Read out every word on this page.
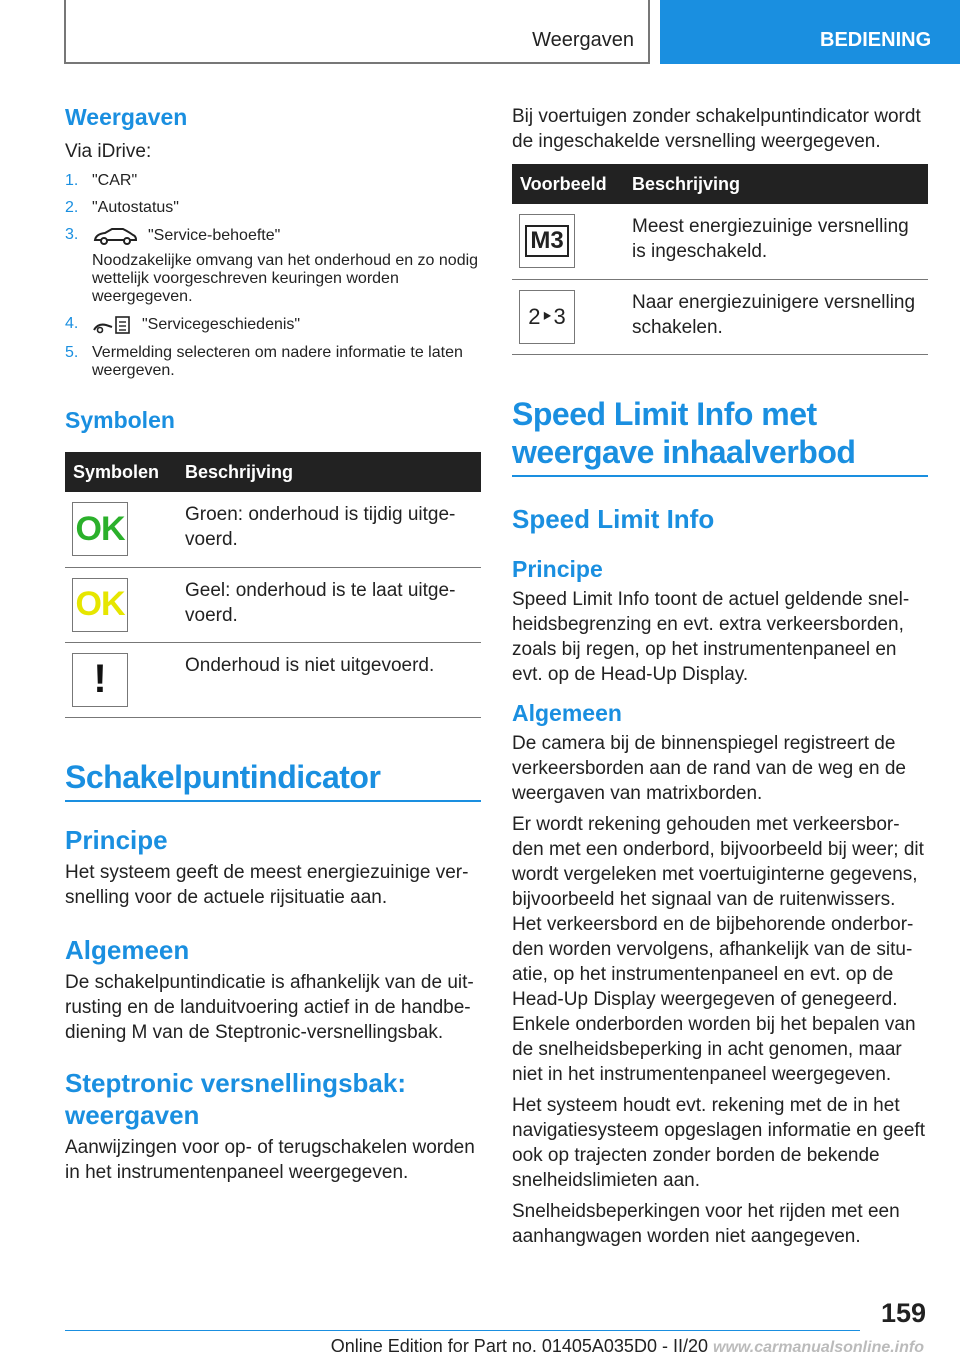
Weergaven	BEDIENING
Weergaven

Via iDrive:

1. "CAR"
2. "Autostatus"
3.	"Service-behoefte"
Noodzakelijke omvang van het onderhoud en zo nodig wettelijk voorgeschreven keuringen worden weergegeven.
4.	"Servicegeschiedenis"
5. Vermelding selecteren om nadere informatie te laten weergeven.
Symbolen
Symbolen	Beschrijving

OK	Groen: onderhoud is tijdig uitge-voerd.

OK	Geel: onderhoud is te laat uitge-voerd.

!	Onderhoud is niet uitgevoerd.
Schakelpuntindicator
Principe

Het systeem geeft de meest energiezuinige ver-snelling voor de actuele rijsituatie aan.

Algemeen

De schakelpuntindicatie is afhankelijk van de uit-rusting en de landuitvoering actief in de handbe-diening M van de Steptronic-versnellingsbak.

Steptronic versnellingsbak: weergaven

Aanwijzingen voor op- of terugschakelen worden in het instrumentenpaneel weergegeven.

Bij voertuigen zonder schakelpuntindicator wordt de ingeschakelde versnelling weergegeven.

Voorbeeld	Beschrijving

M3	Meest energiezuinige versnelling is ingeschakeld.

2‣3	Naar energiezuinigere versnelling schakelen.
Speed Limit Info met weergave inhaalverbod
Speed Limit Info
Principe

Speed Limit Info toont de actuel geldende snel-heidsbegrenzing en evt. extra verkeersborden, zoals bij regen, op het instrumentenpaneel en evt. op de Head-Up Display.

Algemeen

De camera bij de binnenspiegel registreert de verkeersborden aan de rand van de weg en de weergaven van matrixborden.

Er wordt rekening gehouden met verkeersbor-den met een onderbord, bijvoorbeeld bij weer; dit wordt vergeleken met voertuiginterne gegevens, bijvoorbeeld het signaal van de ruitenwissers. Het verkeersbord en de bijbehorende onderbor-den worden vervolgens, afhankelijk van de situ-atie, op het instrumentenpaneel en evt. op de Head-Up Display weergegeven of genegeerd. Enkele onderborden worden bij het bepalen van de snelheidsbeperking in acht genomen, maar niet in het instrumentenpaneel weergegeven.

Het systeem houdt evt. rekening met de in het navigatiesysteem opgeslagen informatie en geeft ook op trajecten zonder borden de bekende snelheidslimieten aan.

Snelheidsbeperkingen voor het rijden met een aanhangwagen worden niet aangegeven.

159
Online Edition for Part no. 01405A035D0 - II/20 www.carmanualsonline.info
